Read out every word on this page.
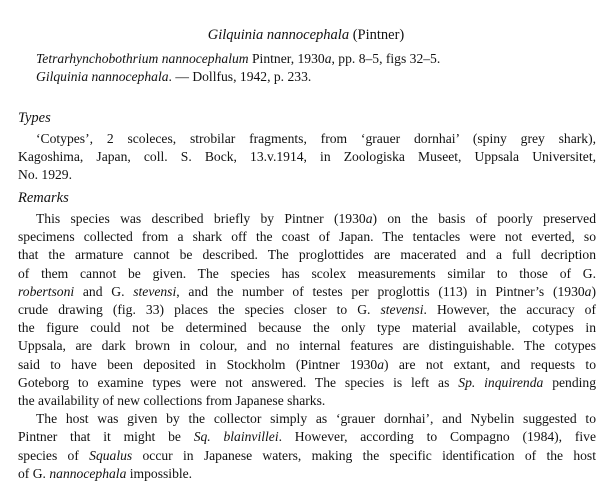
Gilquinia nannocephala (Pintner)
Tetrarhynchobothrium nannocephalum Pintner, 1930a, pp. 8–5, figs 32–5.
Gilquinia nannocephala. — Dollfus, 1942, p. 233.
Types
‘Cotypes’, 2 scoleces, strobilar fragments, from ‘grauer dornhai’ (spiny grey shark),
Kagoshima, Japan, coll. S. Bock, 13.v.1914, in Zoologiska Museet, Uppsala Universitet,
No. 1929.
Remarks
This species was described briefly by Pintner (1930a) on the basis of poorly preserved
specimens collected from a shark off the coast of Japan. The tentacles were not everted, so
that the armature cannot be described. The proglottides are macerated and a full decription
of them cannot be given. The species has scolex measurements similar to those of G.
robertsoni and G. stevensi, and the number of testes per proglottis (113) in Pintner’s (1930a)
crude drawing (fig. 33) places the species closer to G. stevensi. However, the accuracy of
the figure could not be determined because the only type material available, cotypes in
Uppsala, are dark brown in colour, and no internal features are distinguishable. The cotypes
said to have been deposited in Stockholm (Pintner 1930a) are not extant, and requests to
Goteborg to examine types were not answered. The species is left as Sp. inquirenda pending
the availability of new collections from Japanese sharks.
The host was given by the collector simply as ‘grauer dornhai’, and Nybelin suggested to
Pintner that it might be Sq. blainvillei. However, according to Compagno (1984), five
species of Squalus occur in Japanese waters, making the specific identification of the host
of G. nannocephala impossible.
